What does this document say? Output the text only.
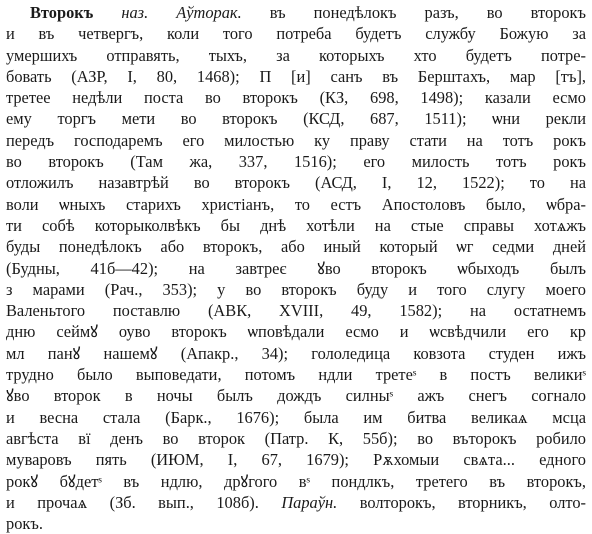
Второкъ наз. Аўторак. въ понедѣлокъ разъ, во второкъ
и въ четвергъ, коли того потреба будетъ службу Божую за
умершихъ отправять, тыхъ, за которыхъ хто будетъ потре-
бовать (АЗР, I, 80, 1468); П [и] санъ въ Берштахъ, мар [тъ],
третее недѣли поста во второкъ (КЗ, 698, 1498); казали есмо
ему торгъ мети во второкъ (КСД, 687, 1511); ѡни рекли
передъ господаремъ его милостью ку праву стати на тотъ рокъ
во второкъ (Там жа, 337, 1516); его милость тотъ рокъ
отложилъ назавтрѣй во второкъ (АСД, I, 12, 1522); то на
воли ѡныхъ старихъ христіанъ, то естъ Апостоловъ было, ѡбра-
ти собѣ которыколвѣкъ бы днѣ хотѣли на стые справы хотѧжъ
буды понедѣлокъ або второкъ, або иный который ѡг седми дней
(Будны, 41б—42); на завтреє ꙋво второкъ ѡбыходъ былъ
з марами (Рач., 353); у во второкъ буду и того слугу моего
Валеньтого поставлю (АВК, XVIII, 49, 1582); на остатнемъ
дню сеймꙋ оуво второкъ ѡповѣдали есмо и ѡсвѣдчили его кр
мл панꙋ нашемꙋ (Апакр., 34); гололедица ковзота студен ижъ
трудно было выповедати, потомъ ндли третеˢ в постъ великиˢ
ꙋво второк в ночы былъ дождъ силныˢ ажъ снегъ согнало
и весна стала (Барк., 1676); была им битва великаѧ мсца
авгѣста вї денъ во второк (Патр. К, 55б); во въторокъ робило
муваровъ пять (ИЮМ, I, 67, 1679); Рѫхомыи свѧта... едного
рокꙋ бꙋдетˢ въ ндлю, дрꙋгого вˢ пондлкъ, третего въ второкъ,
и прочаѧ (Зб. вып., 108б). Параўн. волторокъ, вторникъ, олто-
рокъ.
